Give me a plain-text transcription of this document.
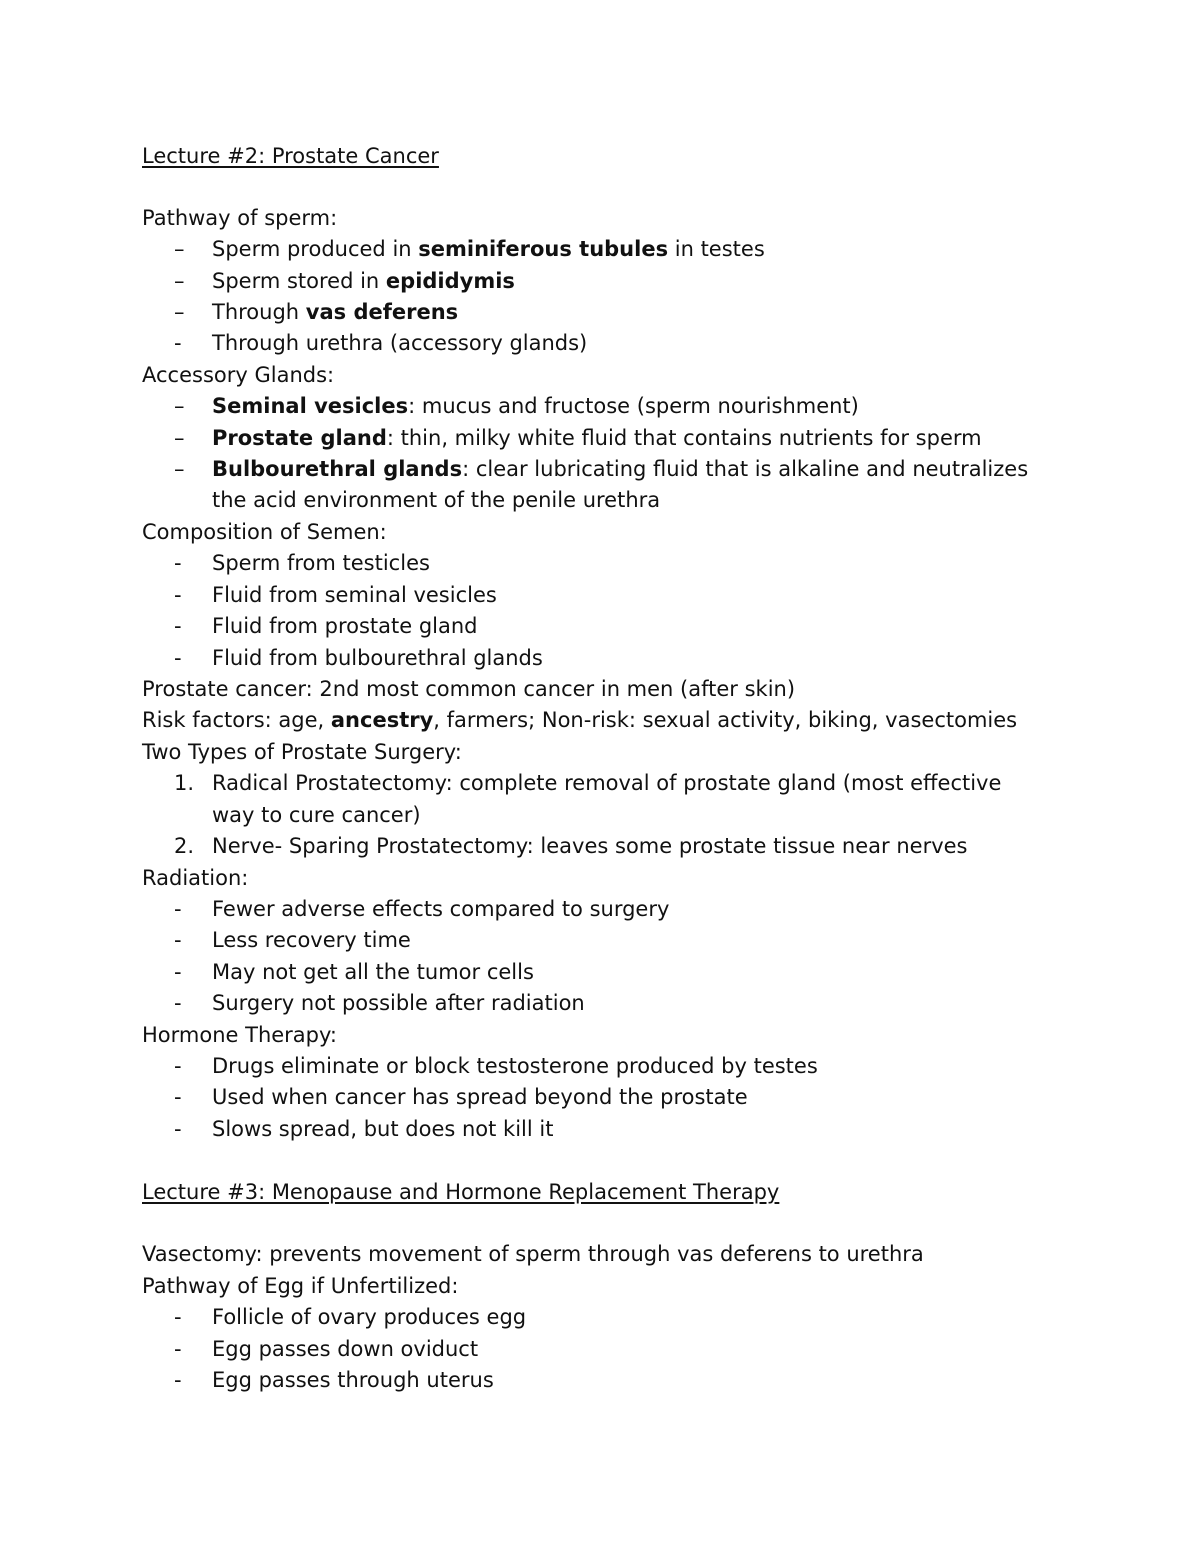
Lecture #2: Prostate Cancer
Pathway of sperm:
–	Sperm produced in seminiferous tubules in testes
–	Sperm stored in epididymis
–	Through vas deferens
-	Through urethra (accessory glands)
Accessory Glands:
–	Seminal vesicles: mucus and fructose (sperm nourishment)
–	Prostate gland: thin, milky white fluid that contains nutrients for sperm
–	Bulbourethral glands: clear lubricating fluid that is alkaline and neutralizes
the acid environment of the penile urethra
Composition of Semen:
-	Sperm from testicles
-	Fluid from seminal vesicles
-	Fluid from prostate gland
-	Fluid from bulbourethral glands
Prostate cancer: 2nd most common cancer in men (after skin)
Risk factors: age, ancestry, farmers; Non-risk: sexual activity, biking, vasectomies
Two Types of Prostate Surgery:
1. Radical Prostatectomy: complete removal of prostate gland (most effective
way to cure cancer)
2. Nerve- Sparing Prostatectomy: leaves some prostate tissue near nerves
Radiation:
-	Fewer adverse effects compared to surgery
-	Less recovery time
-	May not get all the tumor cells
-	Surgery not possible after radiation
Hormone Therapy:
-	Drugs eliminate or block testosterone produced by testes
-	Used when cancer has spread beyond the prostate
-	Slows spread, but does not kill it
Lecture #3: Menopause and Hormone Replacement Therapy
Vasectomy: prevents movement of sperm through vas deferens to urethra
Pathway of Egg if Unfertilized:
-	Follicle of ovary produces egg
-	Egg passes down oviduct
-	Egg passes through uterus
